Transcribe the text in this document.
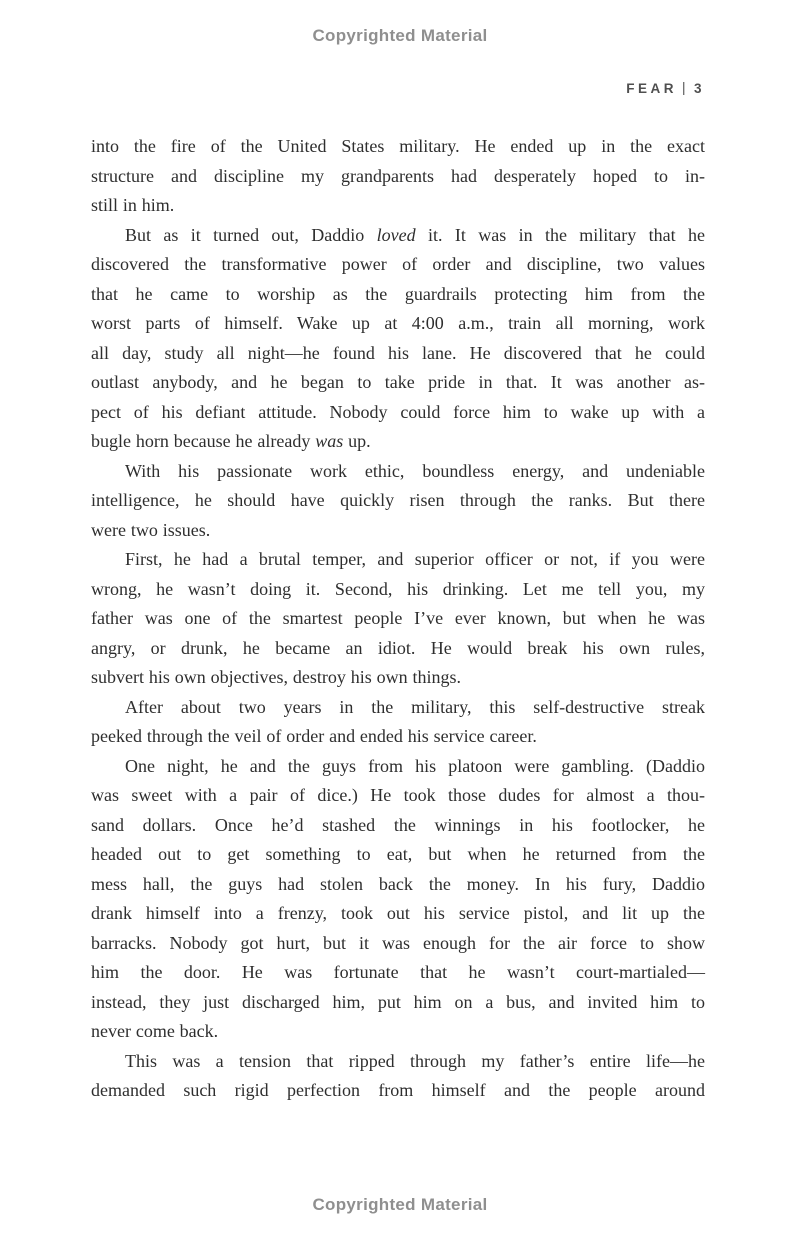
Copyrighted Material
FEAR | 3
into the fire of the United States military. He ended up in the exact
structure and discipline my grandparents had desperately hoped to in-
still in him.
But as it turned out, Daddio loved it. It was in the military that he
discovered the transformative power of order and discipline, two values
that he came to worship as the guardrails protecting him from the
worst parts of himself. Wake up at 4:00 a.m., train all morning, work
all day, study all night—he found his lane. He discovered that he could
outlast anybody, and he began to take pride in that. It was another as-
pect of his defiant attitude. Nobody could force him to wake up with a
bugle horn because he already was up.
With his passionate work ethic, boundless energy, and undeniable
intelligence, he should have quickly risen through the ranks. But there
were two issues.
First, he had a brutal temper, and superior officer or not, if you were
wrong, he wasn’t doing it. Second, his drinking. Let me tell you, my
father was one of the smartest people I’ve ever known, but when he was
angry, or drunk, he became an idiot. He would break his own rules,
subvert his own objectives, destroy his own things.
After about two years in the military, this self-destructive streak
peeked through the veil of order and ended his service career.
One night, he and the guys from his platoon were gambling. (Daddio
was sweet with a pair of dice.) He took those dudes for almost a thou-
sand dollars. Once he’d stashed the winnings in his footlocker, he
headed out to get something to eat, but when he returned from the
mess hall, the guys had stolen back the money. In his fury, Daddio
drank himself into a frenzy, took out his service pistol, and lit up the
barracks. Nobody got hurt, but it was enough for the air force to show
him the door. He was fortunate that he wasn’t court-martialed—
instead, they just discharged him, put him on a bus, and invited him to
never come back.
This was a tension that ripped through my father’s entire life—he
demanded such rigid perfection from himself and the people around
Copyrighted Material
